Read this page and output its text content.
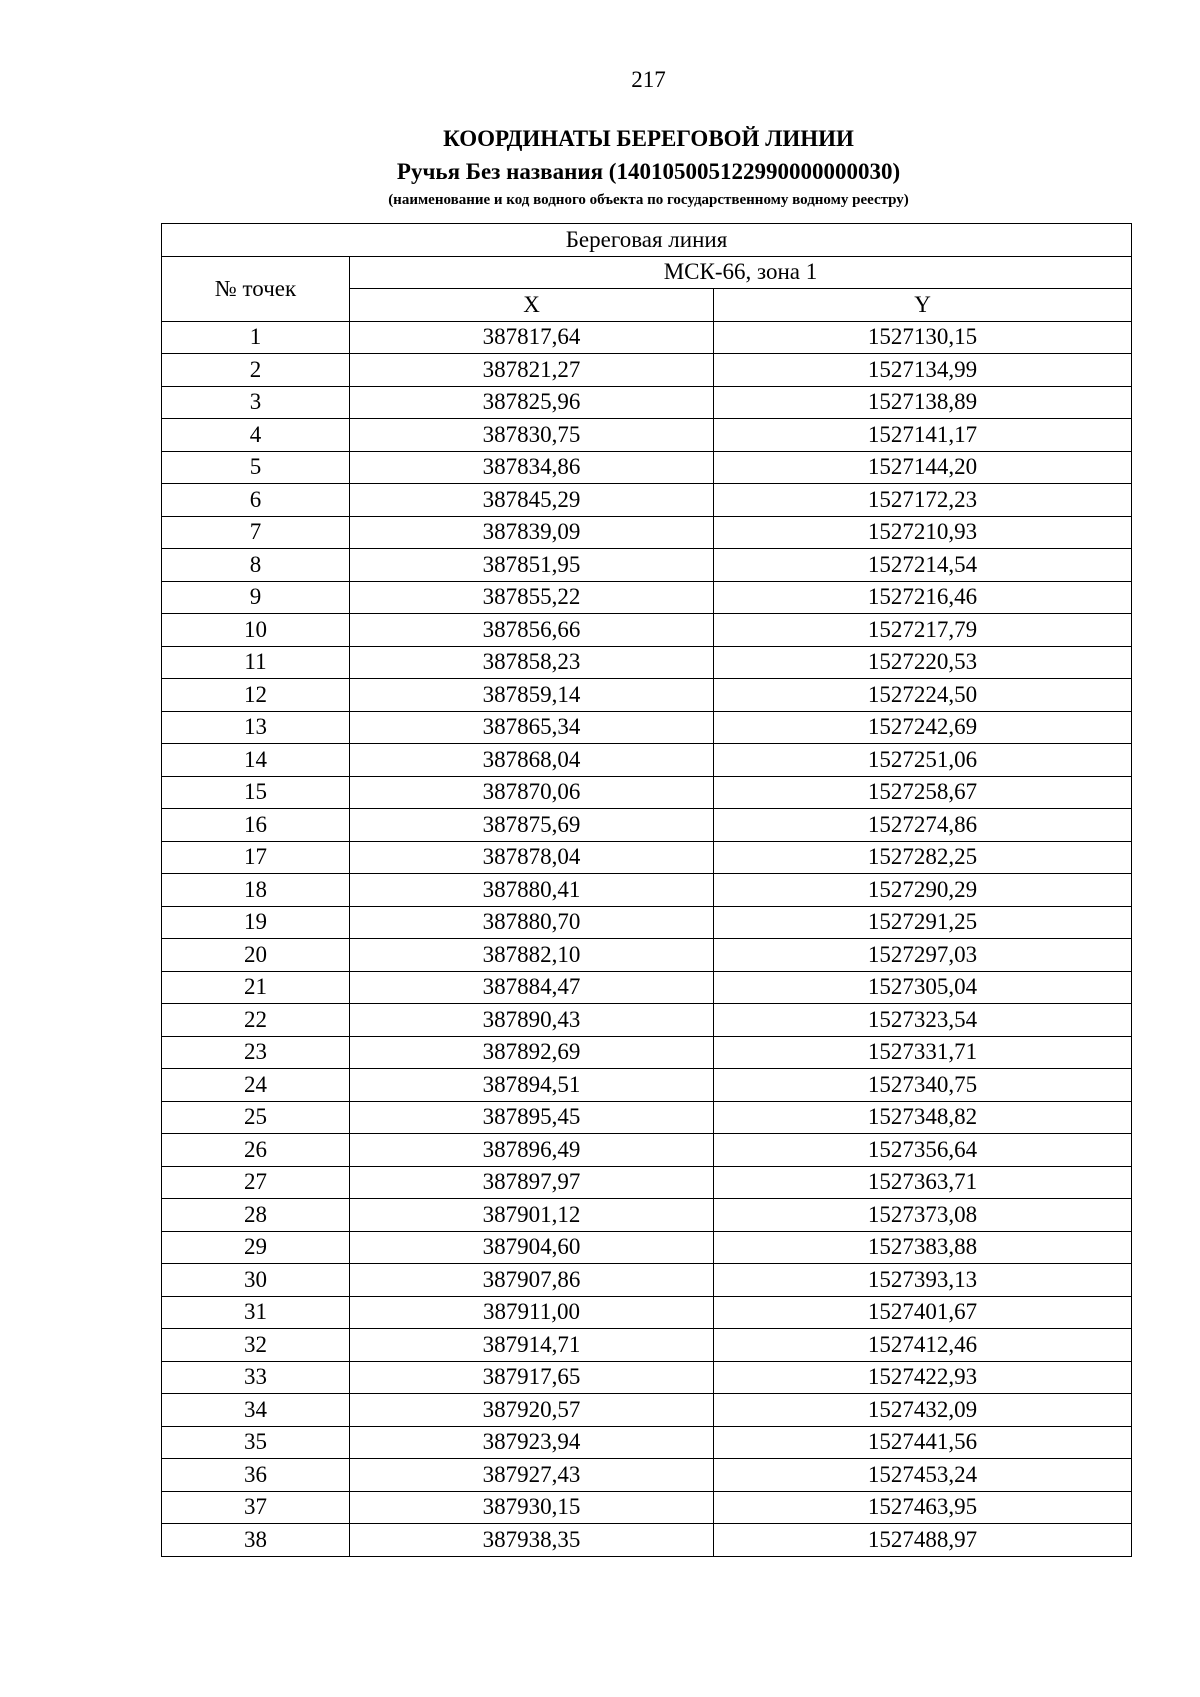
217
КООРДИНАТЫ БЕРЕГОВОЙ ЛИНИИ
Ручья Без названия (140105005122990000000030)
(наименование и код водного объекта по государственному водному реестру)
Береговая линия		
№ точек	МСК-66, зона 1	
	X	Y
1	387817,64	1527130,15
2	387821,27	1527134,99
3	387825,96	1527138,89
4	387830,75	1527141,17
5	387834,86	1527144,20
6	387845,29	1527172,23
7	387839,09	1527210,93
8	387851,95	1527214,54
9	387855,22	1527216,46
10	387856,66	1527217,79
11	387858,23	1527220,53
12	387859,14	1527224,50
13	387865,34	1527242,69
14	387868,04	1527251,06
15	387870,06	1527258,67
16	387875,69	1527274,86
17	387878,04	1527282,25
18	387880,41	1527290,29
19	387880,70	1527291,25
20	387882,10	1527297,03
21	387884,47	1527305,04
22	387890,43	1527323,54
23	387892,69	1527331,71
24	387894,51	1527340,75
25	387895,45	1527348,82
26	387896,49	1527356,64
27	387897,97	1527363,71
28	387901,12	1527373,08
29	387904,60	1527383,88
30	387907,86	1527393,13
31	387911,00	1527401,67
32	387914,71	1527412,46
33	387917,65	1527422,93
34	387920,57	1527432,09
35	387923,94	1527441,56
36	387927,43	1527453,24
37	387930,15	1527463,95
38	387938,35	1527488,97
